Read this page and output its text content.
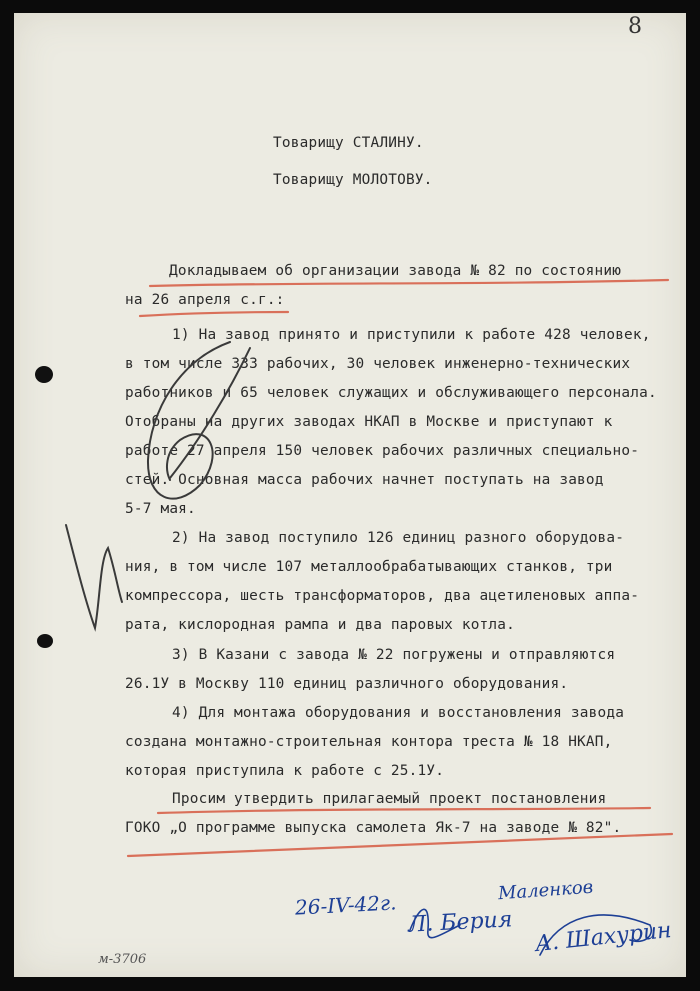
8
Товарищу СТАЛИНУ.
Товарищу МОЛОТОВУ.
Докладываем об организации завода № 82 по состоянию
на 26 апреля с.г.:
1) На завод принято и приступили к работе 428 человек,
в том числе 333 рабочих, 30 человек инженерно-технических
работников и 65 человек служащих и обслуживающего персонала.
Отобраны на других заводах НКАП в Москве и приступают к
работе 27 апреля 150 человек рабочих различных специально-
стей. Основная масса рабочих начнет поступать на завод
5-7 мая.
2) На завод поступило 126 единиц разного оборудова-
ния, в том числе 107 металлообрабатывающих станков, три
компрессора, шесть трансформаторов, два ацетиленовых аппа-
рата, кислородная рампа и два паровых котла.
3) В Казани с завода № 22 погружены и отправляются
26.1У в Москву 110 единиц различного оборудования.
4) Для монтажа оборудования и восстановления завода
создана монтажно-строительная контора треста № 18 НКАП,
которая приступила к работе с 25.1У.
Просим утвердить прилагаемый проект постановления
ГОКО „О программе выпуска самолета Як-7 на заводе № 82".
26-IV-42г.	Маленков
Л. Берия А. Шахурин
м-3706
